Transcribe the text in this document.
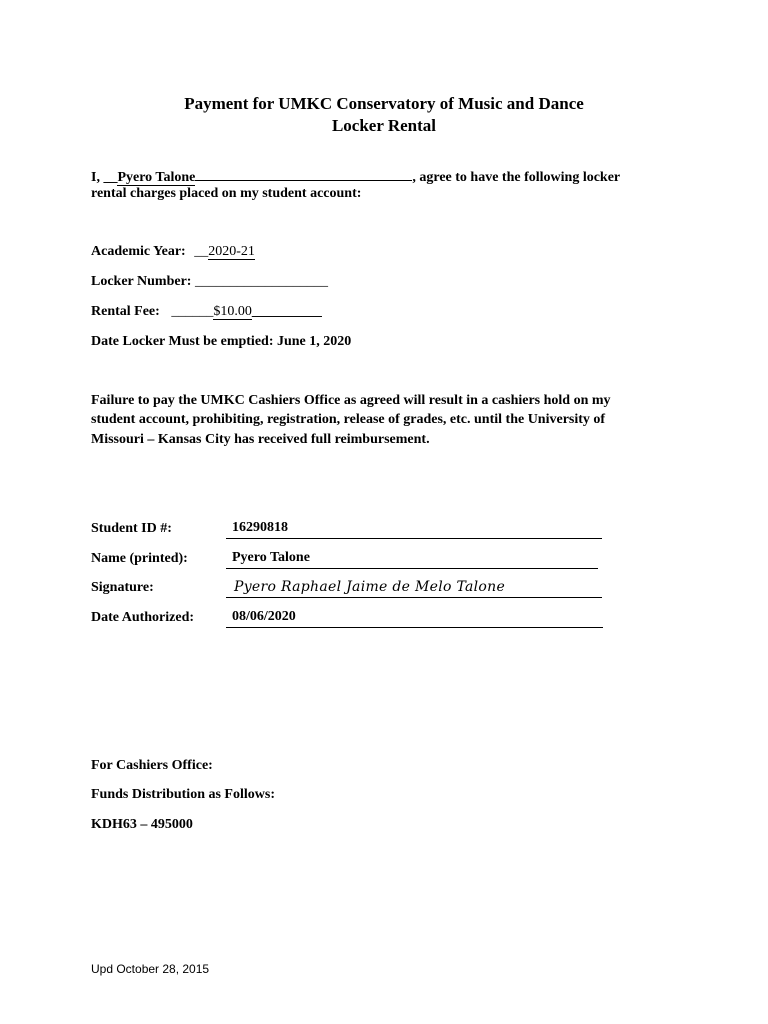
Payment for UMKC Conservatory of Music and Dance
Locker Rental
I, __Pyero Talone	, agree to have the following locker
rental charges placed on my student account:
Academic Year: __2020-21
Locker Number: ___________________
Rental Fee: ______$10.00__________
Date Locker Must be emptied: June 1, 2020
Failure to pay the UMKC Cashiers Office as agreed will result in a cashiers hold on my
student account, prohibiting, registration, release of grades, etc. until the University of
Missouri – Kansas City has received full reimbursement.
Student ID #:	16290818
Name (printed):	Pyero Talone
Signature:	Pyero Raphael Jaime de Melo Talone
Date Authorized:	08/06/2020
For Cashiers Office:
Funds Distribution as Follows:
KDH63 – 495000
Upd October 28, 2015
